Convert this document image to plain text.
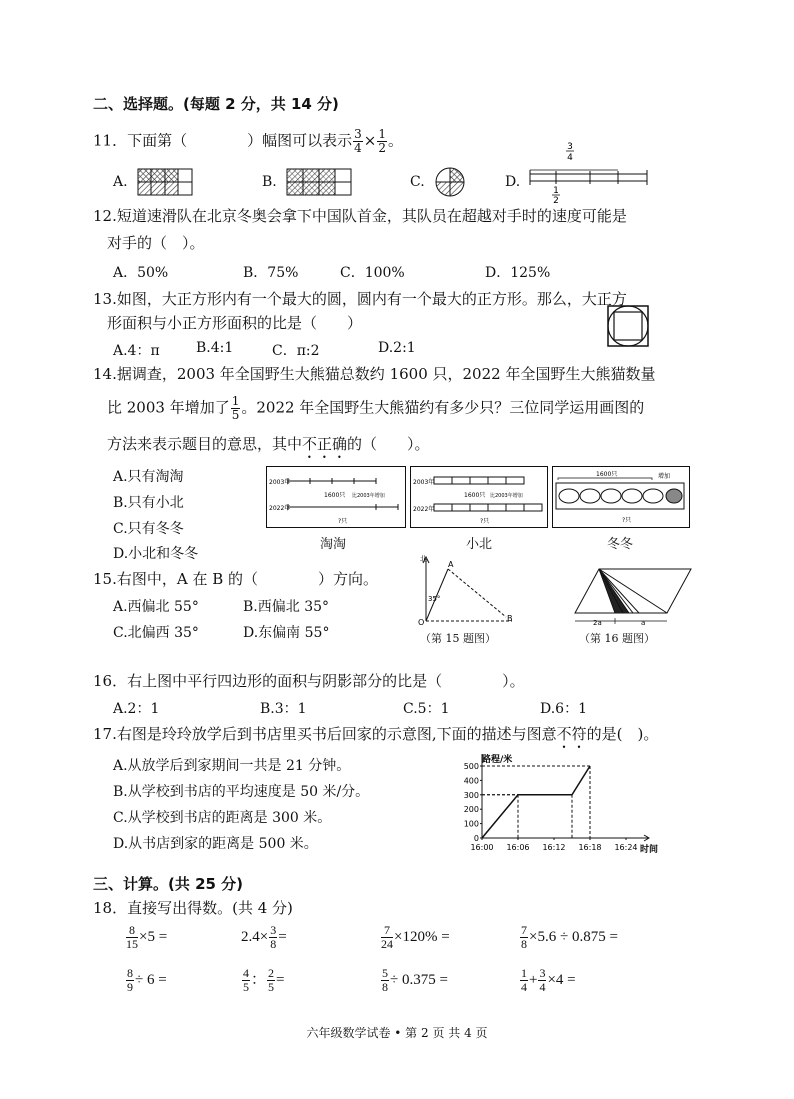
二、选择题。(每题 2 分，共 14 分)
11．下面第（	）幅图可以表示 $\frac{3}{4} \times \frac{1}{2}$ 。
A.	B.	C.	D.
3
4
1
2
12.短道速滑队在北京冬奥会拿下中国队首金，其队员在超越对手时的速度可能是
对手的（　）。
A．50%	B．75%	C．100%	D．125%
13.如图，大正方形内有一个最大的圆，圆内有一个最大的正方形。那么，大正方
形面积与小正方形面积的比是（　　）
A.4：π	B.4:1	C．π:2	D.2:1
14.据调查，2003 年全国野生大熊猫总数约 1600 只，2022 年全国野生大熊猫数量
比 2003 年增加了 $\frac{1}{5}$ 。2022 年全国野生大熊猫约有多少只？三位同学运用画图的
方法来表示题目的意思，其中不正确的（　　）。
A.只有淘淘
B.只有小北
C.只有冬冬
D.小北和冬冬
2003年
1600只 比2003年增加
2022年
?只
2003年
1600只 比2003年增加
2022年
?只
1600只	增加
?只
淘淘	小北	冬冬
15.右图中，A 在 B 的（　　　　）方向。
A.西偏北 55°	B.西偏北 35°
C.北偏西 35°	D.东偏南 55°
北
A
B
O
35°
（第 15 题图）
2a	a
（第 16 题图）
16．右上图中平行四边形的面积与阴影部分的比是（　　　　）。
A.2：1	B.3：1	C.5：1	D.6：1
17.右图是玲玲放学后到书店里买书后回家的示意图,下面的描述与图意不符的是(　)。
A.从放学后到家期间一共是 21 分钟。
B.从学校到书店的平均速度是 50 米/分。
C.从学校到书店的距离是 300 米。
D.从书店到家的距离是 500 米。
路程/米
时间
0
100
200
300
400
500
16:00 16:06 16:12 16:18 16:24
三、计算。(共 25 分)
18．直接写出得数。(共 4 分)
$\frac{8}{15} \times 5$ =	$2.4\times \frac{3}{8}$ =	$\frac{7}{24} \times 120\%$ =	$\frac{7}{8} \times 5.6 \div 0.875$ =
$\frac{8}{9} \div 6$ =	$\frac{4}{5}$ ： $\frac{2}{5}$ =	$\frac{5}{8} \div 0.375$ =	$\frac{1}{4} + \frac{3}{4} \times 4$ =
六年级数学试卷 • 第 2 页 共 4 页
